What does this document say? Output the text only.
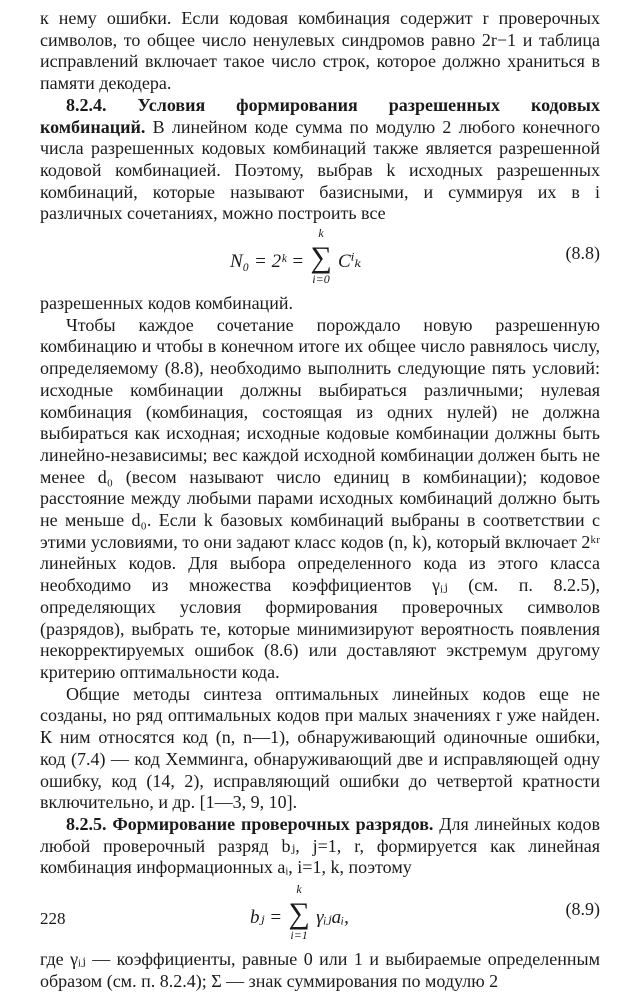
к нему ошибки. Если кодовая комбинация содержит r проверочных символов, то общее число ненулевых синдромов равно 2r−1 и таблица исправлений включает такое число строк, которое должно храниться в памяти декодера.

8.2.4. Условия формирования разрешенных кодовых комбинаций. В линейном коде сумма по модулю 2 любого конечного числа разрешенных кодовых комбинаций также является разрешенной кодовой комбинацией. Поэтому, выбрав k исходных разрешенных комбинаций, которые называют базисными, и суммируя их в i различных сочетаниях, можно построить все

N₀ = 2ᵏ =
k
∑
i=0
Cⁱₖ	(8.8)

разрешенных кодов комбинаций.

Чтобы каждое сочетание порождало новую разрешенную комбинацию и чтобы в конечном итоге их общее число равнялось числу, определяемому (8.8), необходимо выполнить следующие пять условий: исходные комбинации должны выбираться различными; нулевая комбинация (комбинация, состоящая из одних нулей) не должна выбираться как исходная; исходные кодовые комбинации должны быть линейно-независимы; вес каждой исходной комбинации должен быть не менее d₀ (весом называют число единиц в комбинации); кодовое расстояние между любыми парами исходных комбинаций должно быть не меньше d₀. Если k базовых комбинаций выбраны в соответствии с этими условиями, то они задают класс кодов (n, k), который включает 2ᵏʳ линейных кодов. Для выбора определенного кода из этого класса необходимо из множества коэффициентов γᵢⱼ (см. п. 8.2.5), определяющих условия формирования проверочных символов (разрядов), выбрать те, которые минимизируют вероятность появления некорректируемых ошибок (8.6) или доставляют экстремум другому критерию оптимальности кода.

Общие методы синтеза оптимальных линейных кодов еще не созданы, но ряд оптимальных кодов при малых значениях r уже найден. К ним относятся код (n, n—1), обнаруживающий одиночные ошибки, код (7.4) — код Хемминга, обнаруживающий две и исправляющей одну ошибку, код (14, 2), исправляющий ошибки до четвертой кратности включительно, и др. [1—3, 9, 10].

8.2.5. Формирование проверочных разрядов. Для линейных кодов любой проверочный разряд bⱼ, j=1, r, формируется как линейная комбинация информационных aᵢ, i=1, k, поэтому

bⱼ =
k
∑
i=1
γᵢⱼaᵢ,	(8.9)

где γᵢⱼ — коэффициенты, равные 0 или 1 и выбираемые определенным образом (см. п. 8.2.4); Σ — знак суммирования по модулю 2

228
